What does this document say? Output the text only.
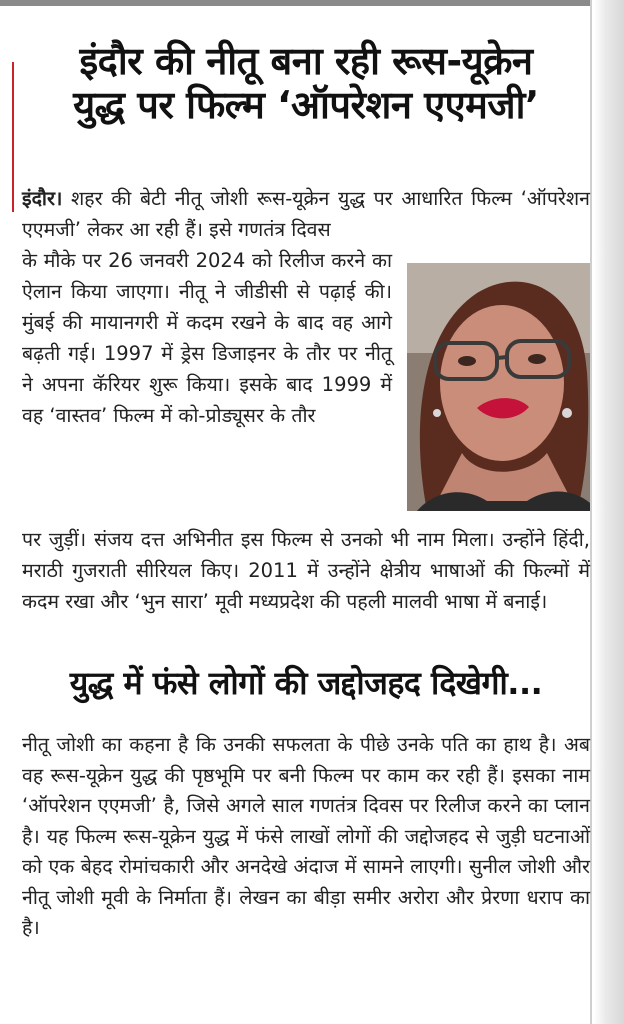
इंदौर की नीतू बना रही रूस-यूक्रेन
युद्ध पर फिल्म ‘ऑपरेशन एएमजी’

इंदौर। शहर की बेटी नीतू जोशी रूस-यूक्रेन युद्ध पर आधारित फिल्म ‘ऑपरेशन एएमजी’ लेकर आ रही हैं। इसे गणतंत्र दिवस

के मौके पर 26 जनवरी 2024 को रिलीज करने का ऐलान किया जाएगा। नीतू ने जीडीसी से पढ़ाई की। मुंबई की मायानगरी में कदम रखने के बाद वह आगे बढ़ती गई। 1997 में ड्रेस डिजाइनर के तौर पर नीतू ने अपना कॅरियर शुरू किया। इसके बाद 1999 में वह ‘वास्तव’ फिल्म में को-प्रोड्यूसर के तौर

पर जुड़ीं। संजय दत्त अभिनीत इस फिल्म से उनको भी नाम मिला। उन्होंने हिंदी, मराठी गुजराती सीरियल किए। 2011 में उन्होंने क्षेत्रीय भाषाओं की फिल्मों में कदम रखा और ‘भुन सारा’ मूवी मध्यप्रदेश की पहली मालवी भाषा में बनाई।

युद्ध में फंसे लोगों की जद्दोजहद दिखेगी...

नीतू जोशी का कहना है कि उनकी सफलता के पीछे उनके पति का हाथ है। अब वह रूस-यूक्रेन युद्ध की पृष्ठभूमि पर बनी फिल्म पर काम कर रही हैं। इसका नाम ‘ऑपरेशन एएमजी’ है, जिसे अगले साल गणतंत्र दिवस पर रिलीज करने का प्लान है। यह फिल्म रूस-यूक्रेन युद्ध में फंसे लाखों लोगों की जद्दोजहद से जुड़ी घटनाओं को एक बेहद रोमांचकारी और अनदेखे अंदाज में सामने लाएगी। सुनील जोशी और नीतू जोशी मूवी के निर्माता हैं। लेखन का बीड़ा समीर अरोरा और प्रेरणा धराप का है।
